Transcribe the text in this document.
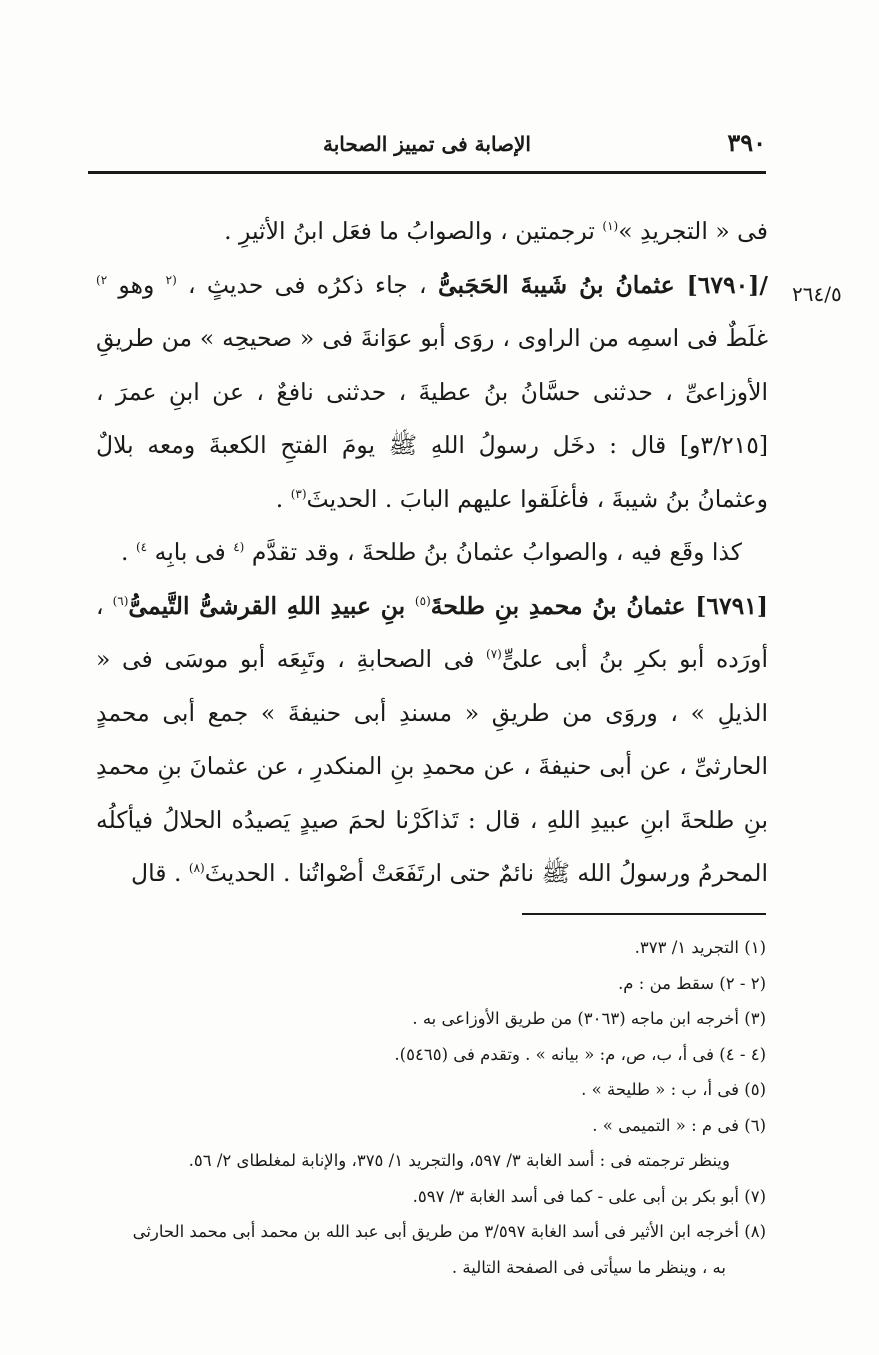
٣٩٠
الإصابة فى تمييز الصحابة
٢٦٤/٥

فى « التجريدِ »$^{(١)}$ ترجمتين ، والصوابُ ما فعَل ابنُ الأثيرِ .

/[٦٧٩٠] عثمانُ بنُ شَيبةَ الحَجَبىُّ ، جاء ذكرُه فى حديثٍ ، $^{(٢}$ وهو $^{٢)}$ غلَطٌ فى اسمِه من الراوى ، روَى أبو عوَانةَ فى « صحيحِه » من طريقِ الأوزاعىِّ ، حدثنى حسَّانُ بنُ عطيةَ ، حدثنى نافعٌ ، عن ابنِ عمرَ ، [٣/٢١٥و] قال : دخَل رسولُ اللهِ ﷺ يومَ الفتحِ الكعبةَ ومعه بلالٌ وعثمانُ بنُ شيبةَ ، فأغلَقوا عليهم البابَ . الحديثَ$^{(٣)}$ .

كذا وقَع فيه ، والصوابُ عثمانُ بنُ طلحةَ ، وقد تقدَّم $^{(٤}$ فى بابِه $^{٤)}$ .

[٦٧٩١] عثمانُ بنُ محمدِ بنِ طلحةَ$^{(٥)}$ بنِ عبيدِ اللهِ القرشىُّ التَّيمىُّ$^{(٦)}$ ، أورَده أبو بكرِ بنُ أبى علىٍّ$^{(٧)}$ فى الصحابةِ ، وتَبِعَه أبو موسَى فى « الذيلِ » ، وروَى من طريقِ « مسندِ أبى حنيفةَ » جمع أبى محمدٍ الحارثىِّ ، عن أبى حنيفةَ ، عن محمدِ بنِ المنكدرِ ، عن عثمانَ بنِ محمدِ بنِ طلحةَ ابنِ عبيدِ اللهِ ، قال : تَذاكَرْنا لحمَ صيدٍ يَصيدُه الحلالُ فيأكلُه المحرمُ ورسولُ الله ﷺ نائمٌ حتى ارتَفَعَتْ أصْواتُنا . الحديثَ$^{(٨)}$ . قال

(١) التجريد ١/ ٣٧٣.

(٢ - ٢) سقط من : م.

(٣) أخرجه ابن ماجه (٣٠٦٣) من طريق الأوزاعى به .

(٤ - ٤) فى أ، ب، ص، م: « بيانه » . وتقدم فى (٥٤٦٥).

(٥) فى أ، ب : « طليحة » .

(٦) فى م : « التميمى » .

وينظر ترجمته فى : أسد الغابة ٣/ ٥٩٧، والتجريد ١/ ٣٧٥، والإنابة لمغلطاى ٢/ ٥٦.

(٧) أبو بكر بن أبى على - كما فى أسد الغابة ٣/ ٥٩٧.

(٨) أخرجه ابن الأثير فى أسد الغابة ٣/٥٩٧ من طريق أبى عبد الله بن محمد أبى محمد الحارثى

به ، وينظر ما سيأتى فى الصفحة التالية .
